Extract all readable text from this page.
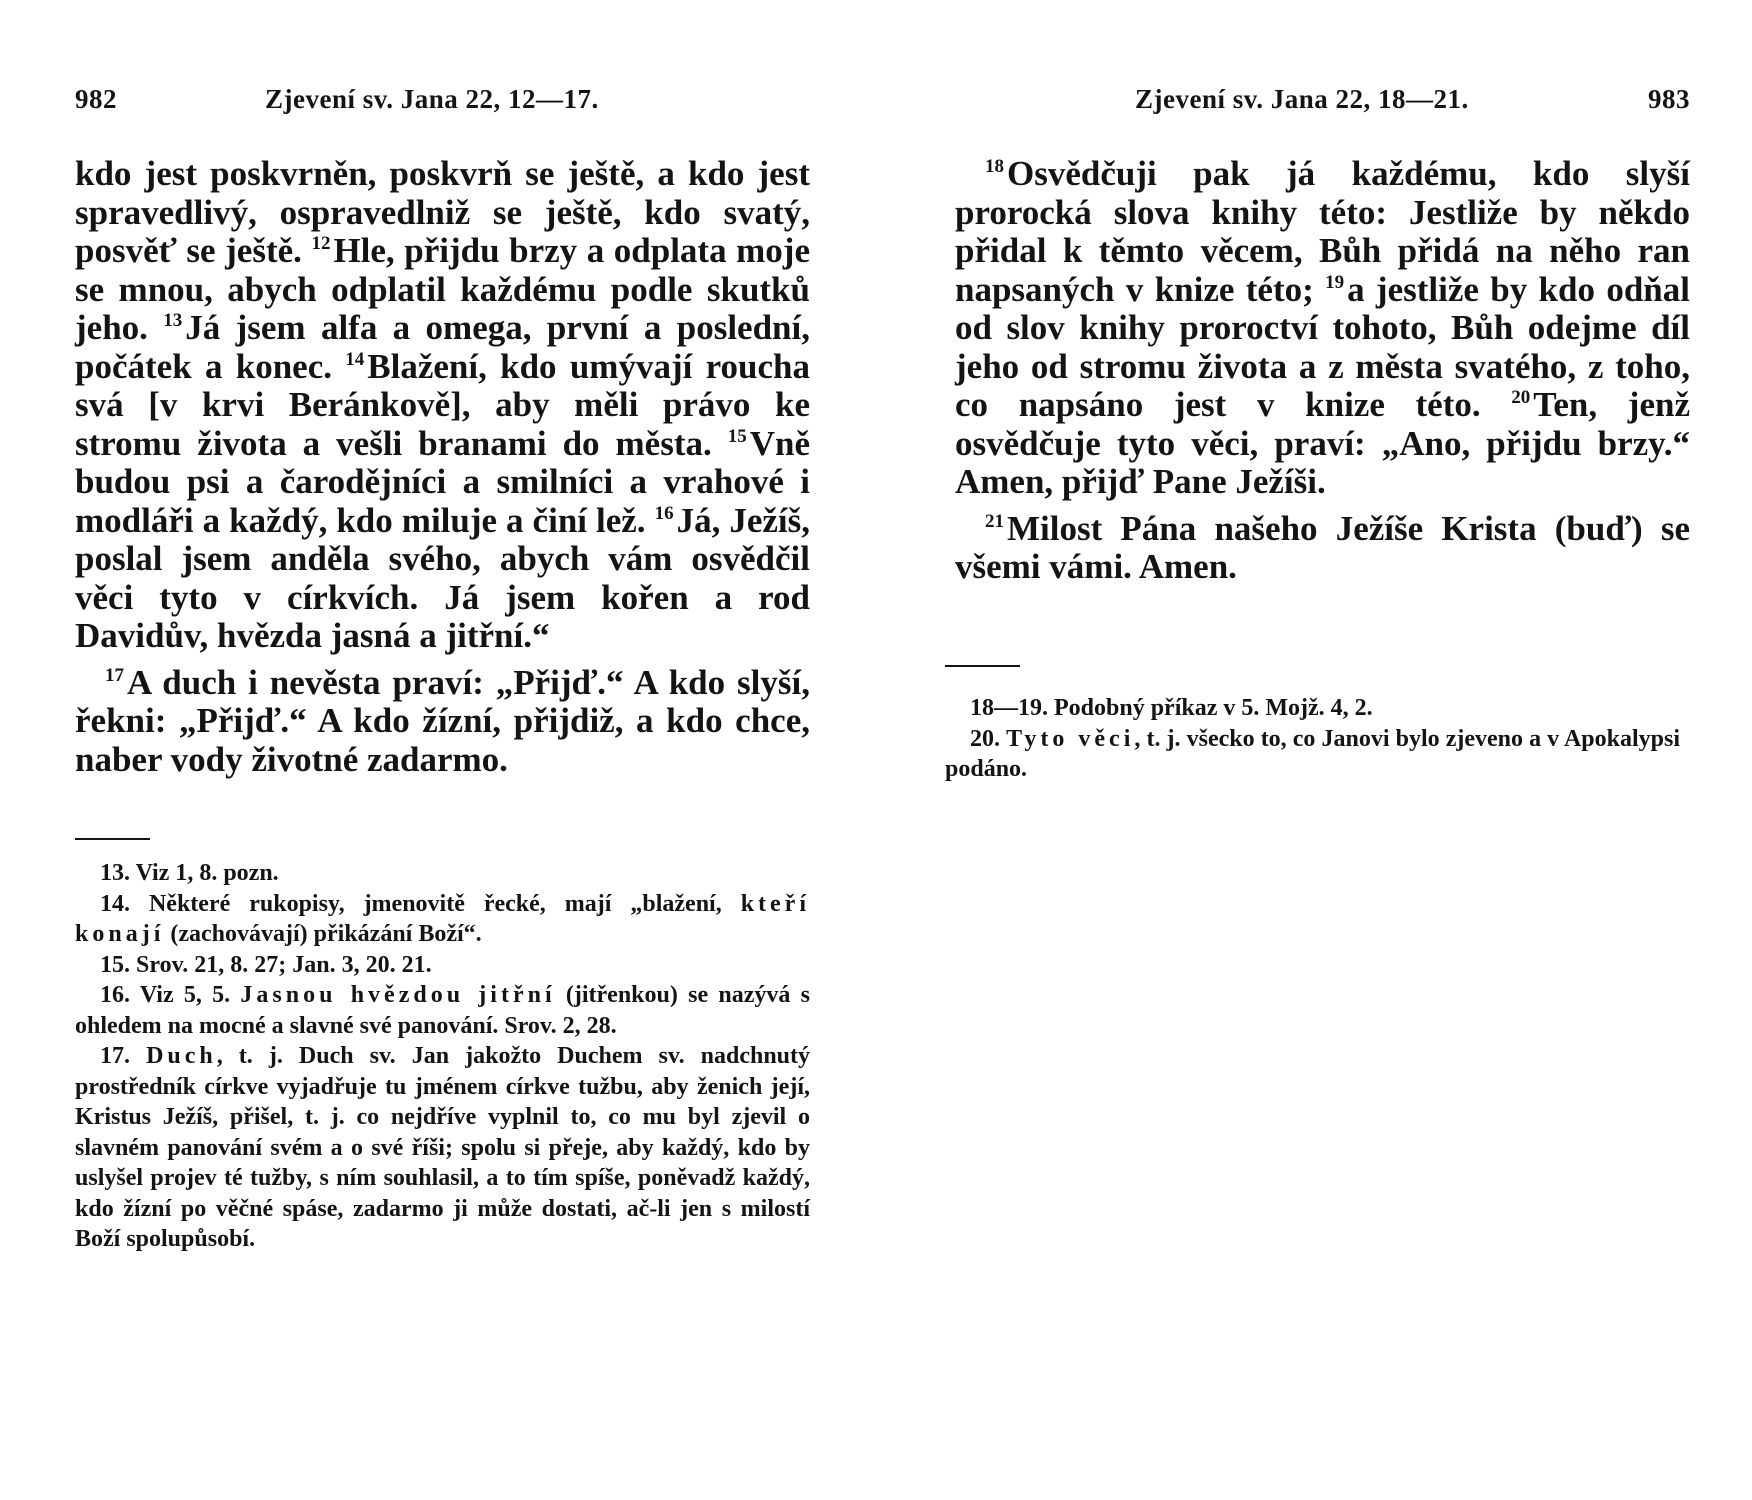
982	Zjevení sv. Jana 22, 12—17.

kdo jest poskvrněn, poskvrň se ještě, a kdo jest spravedlivý, ospravedlniž se ještě, kdo svatý, posvěť se ještě. $^{12}$Hle, přijdu brzy a odplata moje se mnou, abych odplatil každému podle skutků jeho. $^{13}$Já jsem alfa a omega, první a poslední, počátek a konec. $^{14}$Blažení, kdo umývají roucha svá [v krvi Beránkově], aby měli právo ke stromu života a vešli branami do města. $^{15}$Vně budou psi a čarodějníci a smilníci a vrahové i modláři a každý, kdo miluje a činí lež. $^{16}$Já, Ježíš, poslal jsem anděla svého, abych vám osvědčil věci tyto v církvích. Já jsem kořen a rod Davidův, hvězda jasná a jitřní.“

$^{17}$A duch i nevěsta praví: „Přijď.“ A kdo slyší, řekni: „Přijď.“ A kdo žízní, přijdiž, a kdo chce, naber vody životné zadarmo.

13. Viz 1, 8. pozn.

14. Některé rukopisy, jmenovitě řecké, mají „blažení, kteří konají (zachovávají) přikázání Boží“.

15. Srov. 21, 8. 27; Jan. 3, 20. 21.

16. Viz 5, 5. Jasnou hvězdou jitřní (jitřenkou) se nazývá s ohledem na mocné a slavné své panování. Srov. 2, 28.

17. Duch, t. j. Duch sv. Jan jakožto Duchem sv. nadchnutý prostředník církve vyjadřuje tu jménem církve tužbu, aby ženich její, Kristus Ježíš, přišel, t. j. co nejdříve vyplnil to, co mu byl zjevil o slavném panování svém a o své říši; spolu si přeje, aby každý, kdo by uslyšel projev té tužby, s ním souhlasil, a to tím spíše, poněvadž každý, kdo žízní po věčné spáse, zadarmo ji může dostati, ač-li jen s milostí Boží spolupůsobí.

Zjevení sv. Jana 22, 18—21.	983

$^{18}$Osvědčuji pak já každému, kdo slyší prorocká slova knihy této: Jestliže by někdo přidal k těmto věcem, Bůh přidá na něho ran napsaných v knize této; $^{19}$a jestliže by kdo odňal od slov knihy proroctví tohoto, Bůh odejme díl jeho od stromu života a z města svatého, z toho, co napsáno jest v knize této. $^{20}$Ten, jenž osvědčuje tyto věci, praví: „Ano, přijdu brzy.“ Amen, přijď Pane Ježíši.

$^{21}$Milost Pána našeho Ježíše Krista (buď) se všemi vámi. Amen.

18—19. Podobný příkaz v 5. Mojž. 4, 2.

20. Tyto věci, t. j. všecko to, co Janovi bylo zjeveno a v Apokalypsi podáno.
